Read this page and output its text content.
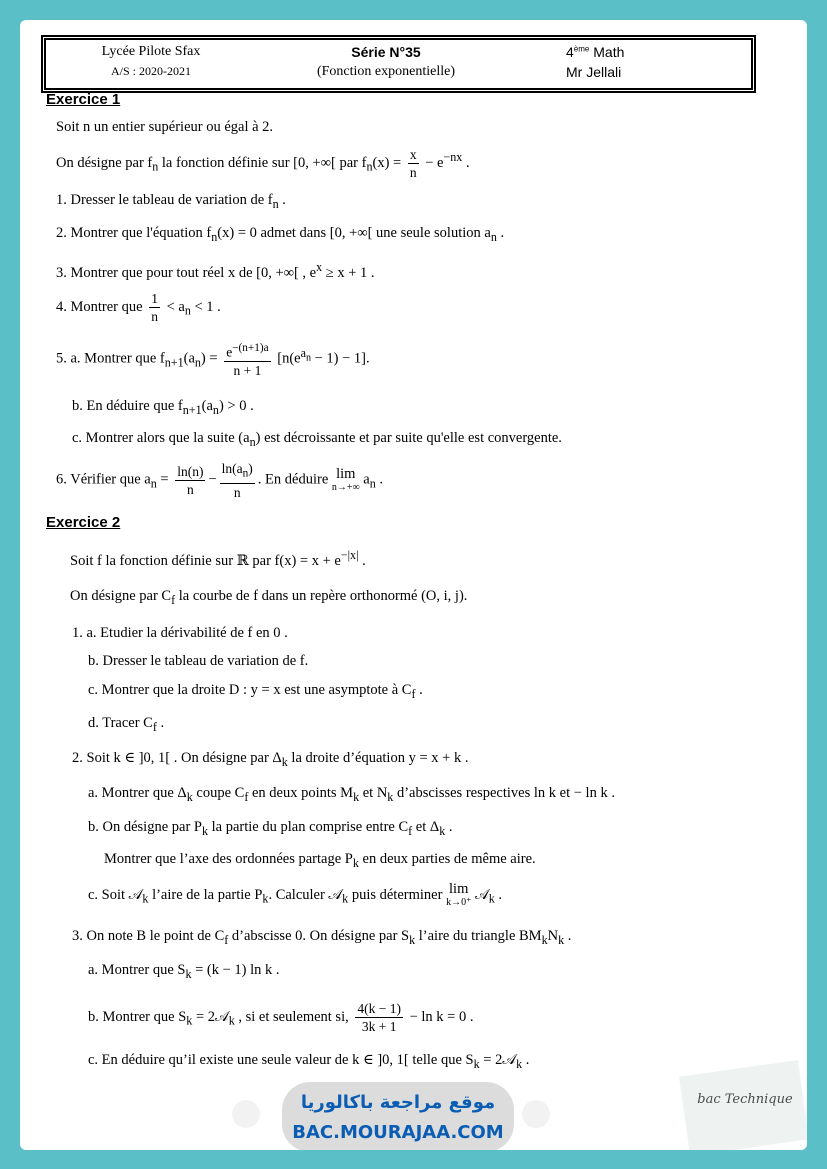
Lycée Pilote Sfax
A/S : 2020-2021
Série N°35
(Fonction exponentielle)
4ème Math
Mr Jellali
Exercice 1
Soit n un entier supérieur ou égal à 2.
On désigne par $f_n$ la fonction définie sur [0, +∞[ par $f_n(x) = \frac{x}{n} - e^{-nx}$ .
1. Dresser le tableau de variation de $f_n$ .
2. Montrer que l'équation $f_n(x) = 0$ admet dans [0, +∞[ une seule solution $a_n$ .
3. Montrer que pour tout réel x de [0, +∞[ , $e^x \ge x + 1$ .
4. Montrer que $\frac{1}{n} < a_n < 1$ .
5. a. Montrer que $f_{n+1}(a_n) = \frac{e^{-(n+1)a}}{n + 1} [n(e^{a_n} - 1) - 1]$.
b. En déduire que $f_{n+1}(a_n) > 0$ .
c. Montrer alors que la suite $(a_n)$ est décroissante et par suite qu'elle est convergente.
6. Vérifier que $a_n = \frac{\ln(n)}{n} - \frac{\ln(a_n)}{n}$ . En déduire lim
n→+∞ $a_n$ .
Exercice 2
Soit f la fonction définie sur ℝ par $f(x) = x + e^{-|x|}$ .
On désigne par $C_f$ la courbe de f dans un repère orthonormé (O, i, j).
1. a. Etudier la dérivabilité de f en 0 .
b. Dresser le tableau de variation de f.
c. Montrer que la droite D : y = x est une asymptote à $C_f$ .
d. Tracer $C_f$ .
2. Soit k ∈ ]0, 1[ . On désigne par $\Delta_k$ la droite d’équation y = x + k .
a. Montrer que $\Delta_k$ coupe $C_f$ en deux points $M_k$ et $N_k$ d’abscisses respectives ln k et − ln k .
b. On désigne par $P_k$ la partie du plan comprise entre $C_f$ et $\Delta_k$ .
Montrer que l’axe des ordonnées partage $P_k$ en deux parties de même aire.
c. Soit 𝒜$_k$ l’aire de la partie $P_k$. Calculer 𝒜$_k$ puis déterminer lim
k→0⁺ 𝒜$_k$ .
3. On note B le point de $C_f$ d’abscisse 0. On désigne par $S_k$ l’aire du triangle $BM_kN_k$ .
a. Montrer que $S_k = (k - 1)$ ln k .
b. Montrer que $S_k$ = 2𝒜$_k$ , si et seulement si, $\frac{4(k - 1)}{3k + 1} - \ln k = 0$ .
c. En déduire qu’il existe une seule valeur de k ∈ ]0, 1[ telle que $S_k$ = 2𝒜$_k$ .
موقع مراجعة باكالوريا
BAC.MOURAJAA.COM
bac Technique
